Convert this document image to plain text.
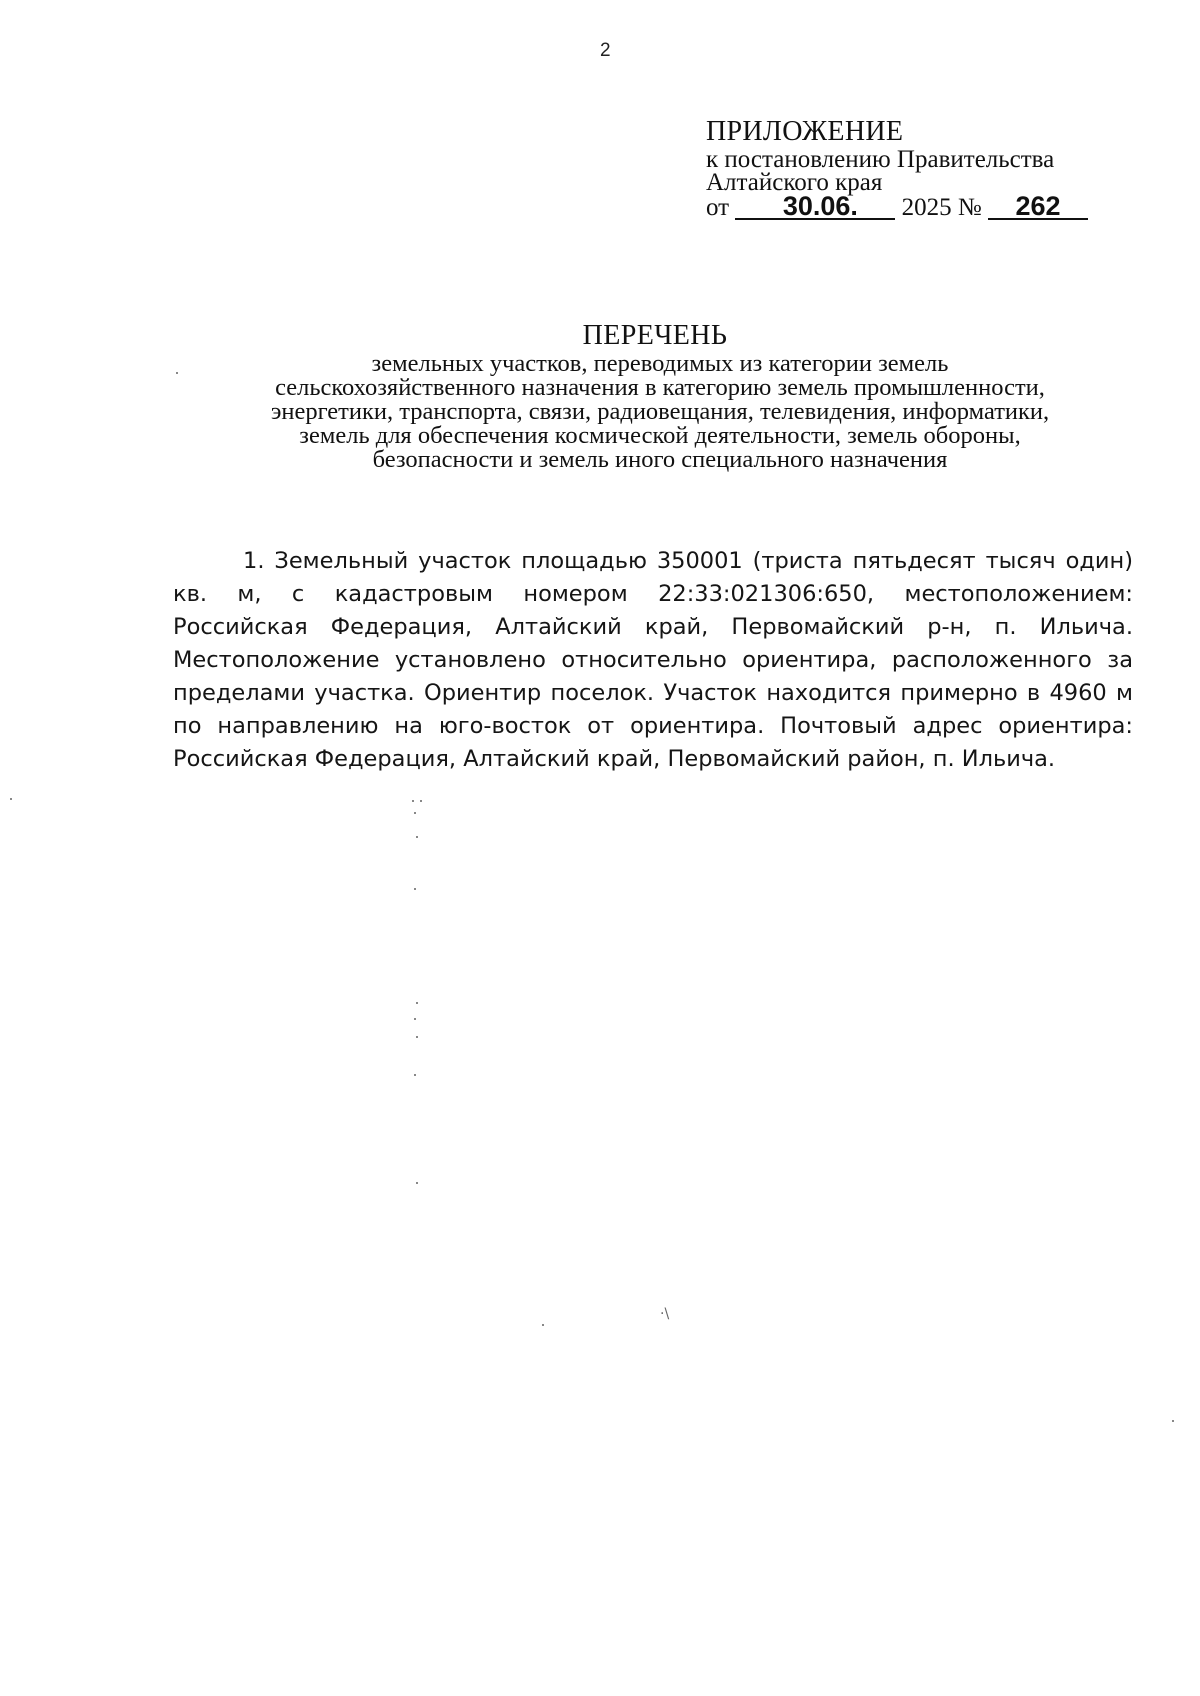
2
ПРИЛОЖЕНИЕ
к постановлению Правительства
Алтайского края
от 30.06. 2025 № 262
ПЕРЕЧЕНЬ
земельных участков, переводимых из категории земель
сельскохозяйственного назначения в категорию земель промышленности,
энергетики, транспорта, связи, радиовещания, телевидения, информатики,
земель для обеспечения космической деятельности, земель обороны,
безопасности и земель иного специального назначения

1. Земельный участок площадью 350001 (триста пятьдесят тысяч один) кв. м, с кадастровым номером 22:33:021306:650, местоположением: Российская Федерация, Алтайский край, Первомайский р-н, п. Ильича. Местоположение установлено относительно ориентира, расположенного за пределами участка. Ориентир поселок. Участок находится примерно в 4960 м по направлению на юго-восток от ориентира. Почтовый адрес ориентира: Российская Федерация, Алтайский край, Первомайский район, п. Ильича.

·\
